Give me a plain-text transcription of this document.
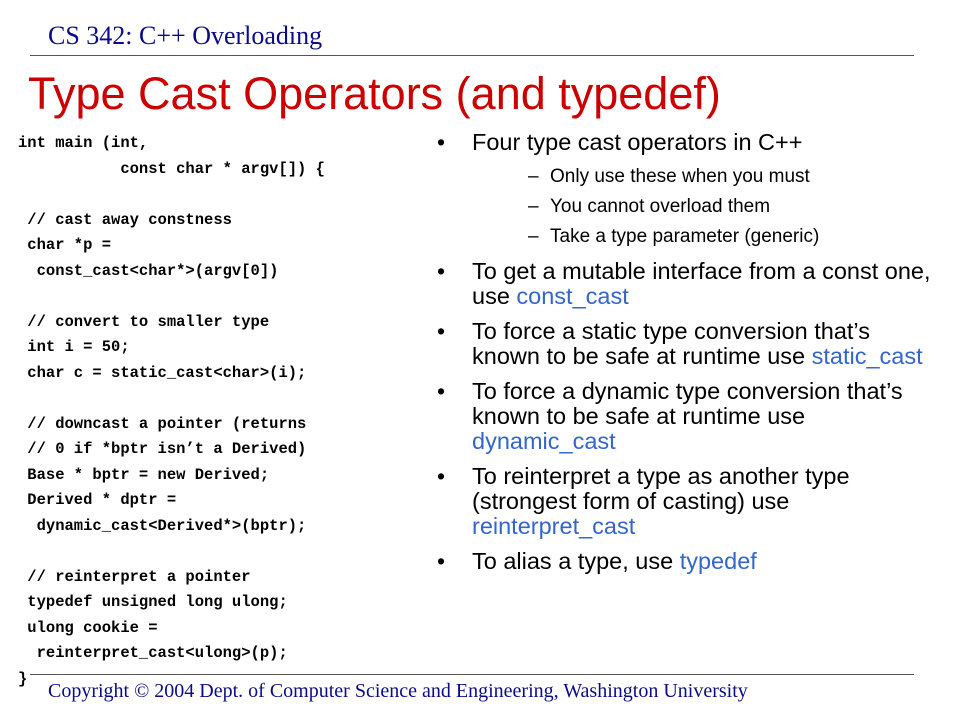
CS 342: C++ Overloading
Type Cast Operators (and typedef)
int main (int,
const char * argv[]) {
// cast away constness
char *p =
const_cast<char*>(argv[0])
// convert to smaller type
int i = 50;
char c = static_cast<char>(i);
// downcast a pointer (returns
// 0 if *bptr isn’t a Derived)
Base * bptr = new Derived;
Derived * dptr =
dynamic_cast<Derived*>(bptr);
// reinterpret a pointer
typedef unsigned long ulong;
ulong cookie =
reinterpret_cast<ulong>(p);
}
• Four type cast operators in C++
– Only use these when you must
– You cannot overload them
– Take a type parameter (generic)
• To get a mutable interface from a const one, use const_cast
• To force a static type conversion that’s known to be safe at runtime use static_cast
• To force a dynamic type conversion that’s known to be safe at runtime use dynamic_cast
• To reinterpret a type as another type (strongest form of casting) use reinterpret_cast
• To alias a type, use typedef
Copyright © 2004 Dept. of Computer Science and Engineering, Washington University
